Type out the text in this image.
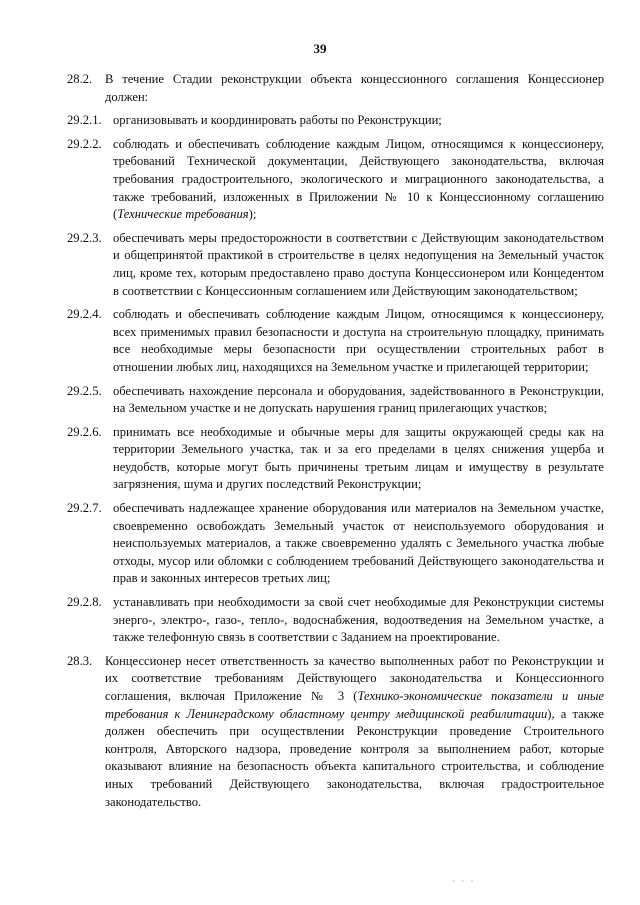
39
28.2.	В течение Стадии реконструкции объекта концессионного соглашения Концессионер должен:
29.2.1. организовывать и координировать работы по Реконструкции;
29.2.2. соблюдать и обеспечивать соблюдение каждым Лицом, относящимся к концессионеру, требований Технической документации, Действующего законодательства, включая требования градостроительного, экологического и миграционного законодательства, а также требований, изложенных в Приложении № 10 к Концессионному соглашению (Технические требования);
29.2.3. обеспечивать меры предосторожности в соответствии с Действующим законодательством и общепринятой практикой в строительстве в целях недопущения на Земельный участок лиц, кроме тех, которым предоставлено право доступа Концессионером или Концедентом в соответствии с Концессионным соглашением или Действующим законодательством;
29.2.4. соблюдать и обеспечивать соблюдение каждым Лицом, относящимся к концессионеру, всех применимых правил безопасности и доступа на строительную площадку, принимать все необходимые меры безопасности при осуществлении строительных работ в отношении любых лиц, находящихся на Земельном участке и прилегающей территории;
29.2.5. обеспечивать нахождение персонала и оборудования, задействованного в Реконструкции, на Земельном участке и не допускать нарушения границ прилегающих участков;
29.2.6. принимать все необходимые и обычные меры для защиты окружающей среды как на территории Земельного участка, так и за его пределами в целях снижения ущерба и неудобств, которые могут быть причинены третьим лицам и имуществу в результате загрязнения, шума и других последствий Реконструкции;
29.2.7. обеспечивать надлежащее хранение оборудования или материалов на Земельном участке, своевременно освобождать Земельный участок от неиспользуемого оборудования и неиспользуемых материалов, а также своевременно удалять с Земельного участка любые отходы, мусор или обломки с соблюдением требований Действующего законодательства и прав и законных интересов третьих лиц;
29.2.8. устанавливать при необходимости за свой счет необходимые для Реконструкции системы энерго-, электро-, газо-, тепло-, водоснабжения, водоотведения на Земельном участке, а также телефонную связь в соответствии с Заданием на проектирование.
28.3.	Концессионер несет ответственность за качество выполненных работ по Реконструкции и их соответствие требованиям Действующего законодательства и Концессионного соглашения, включая Приложение № 3 (Технико-экономические показатели и иные требования к Ленинградскому областному центру медицинской реабилитации), а также должен обеспечить при осуществлении Реконструкции проведение Строительного контроля, Авторского надзора, проведение контроля за выполнением работ, которые оказывают влияние на безопасность объекта капитального строительства, и соблюдение иных требований Действующего законодательства, включая градостроительное законодательство.
· · ·
